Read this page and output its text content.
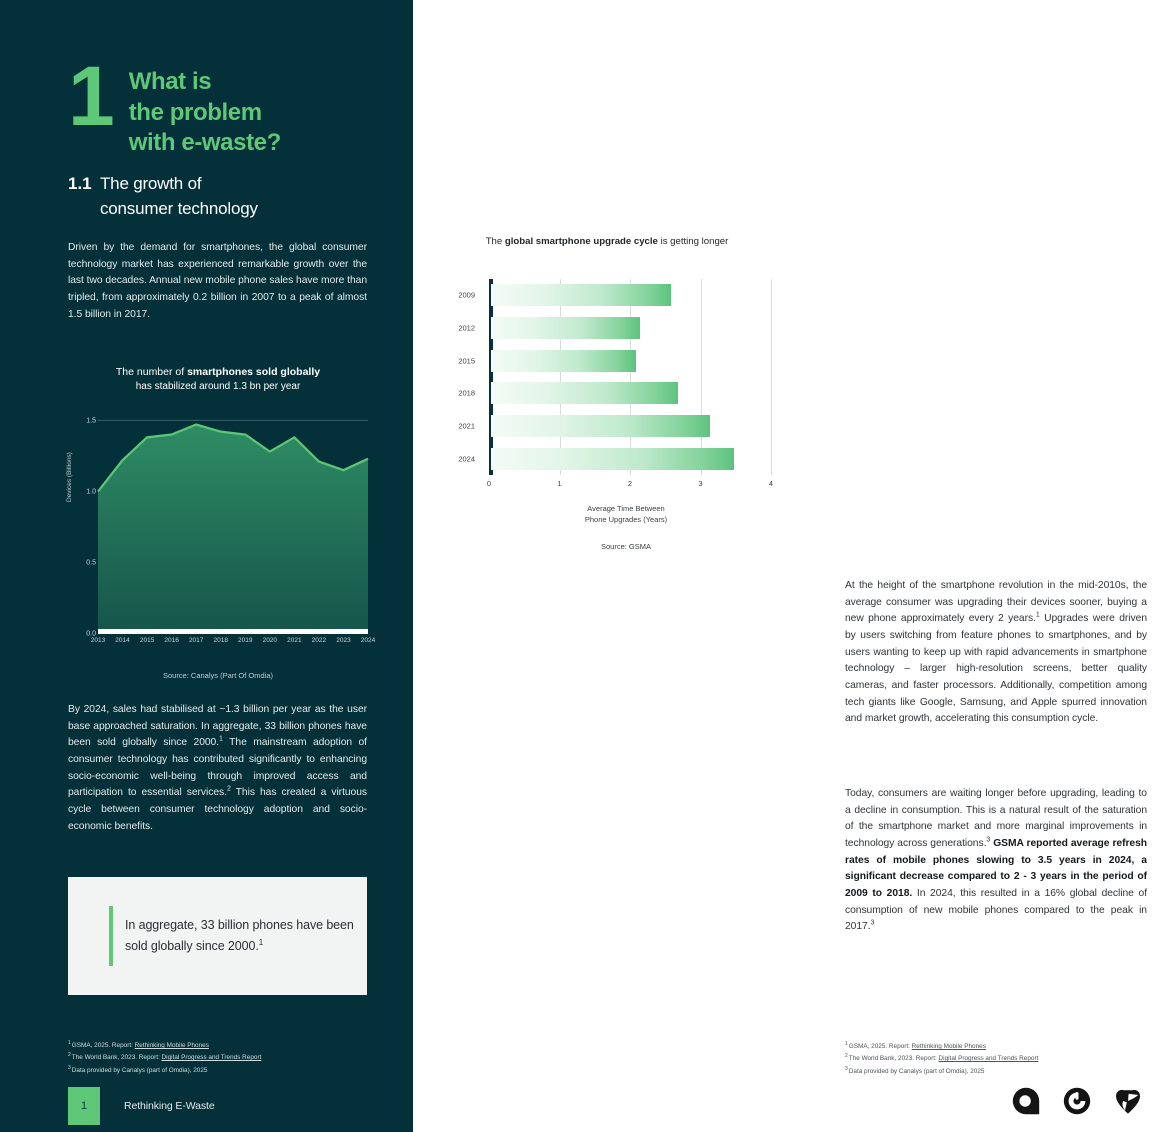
1 What is
the problem
with e-waste?
1.1 The growth of
consumer technology

Driven by the demand for smartphones, the global consumer technology market has experienced remarkable growth over the last two decades. Annual new mobile phone sales have more than tripled, from approximately 0.2 billion in 2007 to a peak of almost 1.5 billion in 2017.

The number of smartphones sold globally
has stabilized around 1.3 bn per year
Devices (Billions)
0.0
0.5
1.0
1.5
2013 2014 2015 2016 2017 2018 2019 2020 2021 2022 2023 2024
Source: Canalys (Part Of Omdia)

By 2024, sales had stabilised at ~1.3 billion per year as the user base approached saturation. In aggregate, 33 billion phones have been sold globally since 2000.$^1$ The mainstream adoption of consumer technology has contributed significantly to enhancing socio-economic well-being through improved access and participation to essential services.$^2$ This has created a virtuous cycle between consumer technology adoption and socio-economic benefits.

In aggregate, 33 billion phones have been sold globally since 2000.$^1$
$^1$GSMA, 2025. Report: Rethinking Mobile Phones
$^2$The World Bank, 2023. Report: Digital Progress and Trends Report
$^3$Data provided by Canalys (part of Omdia), 2025
1	Rethinking E-Waste
The global smartphone upgrade cycle is getting longer
2009
2012
2015
2018
2021
2024
0	1	2	3	4
Average Time Between
Phone Upgrades (Years)
Source: GSMA

At the height of the smartphone revolution in the mid-2010s, the average consumer was upgrading their devices sooner, buying a new phone approximately every 2 years.$^1$ Upgrades were driven by users switching from feature phones to smartphones, and by users wanting to keep up with rapid advancements in smartphone technology – larger high-resolution screens, better quality cameras, and faster processors. Additionally, competition among tech giants like Google, Samsung, and Apple spurred innovation and market growth, accelerating this consumption cycle.

Today, consumers are waiting longer before upgrading, leading to a decline in consumption. This is a natural result of the saturation of the smartphone market and more marginal improvements in technology across generations.$^3$ GSMA reported average refresh rates of mobile phones slowing to 3.5 years in 2024, a significant decrease compared to 2 - 3 years in the period of 2009 to 2018. In 2024, this resulted in a 16% global decline of consumption of new mobile phones compared to the peak in 2017.$^3$

$^1$GSMA, 2025. Report: Rethinking Mobile Phones
$^2$The World Bank, 2023. Report: Digital Progress and Trends Report
$^3$Data provided by Canalys (part of Omdia), 2025
